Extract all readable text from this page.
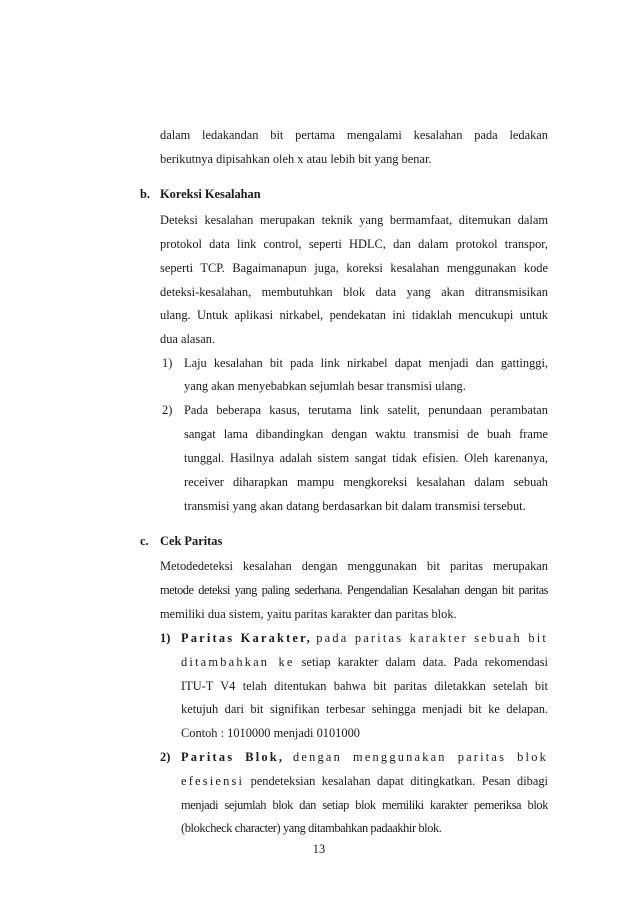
dalam ledakandan bit pertama mengalami kesalahan pada ledakan
berikutnya dipisahkan oleh x atau lebih bit yang benar.
b. Koreksi Kesalahan
Deteksi kesalahan merupakan teknik yang bermamfaat, ditemukan dalam
protokol data link control, seperti HDLC, dan dalam protokol transpor,
seperti TCP. Bagaimanapun juga, koreksi kesalahan menggunakan kode
deteksi-kesalahan, membutuhkan blok data yang akan ditransmisikan
ulang. Untuk aplikasi nirkabel, pendekatan ini tidaklah mencukupi untuk
dua alasan.
1) Laju kesalahan bit pada link nirkabel dapat menjadi dan gattinggi,
yang akan menyebabkan sejumlah besar transmisi ulang.
2) Pada beberapa kasus, terutama link satelit, penundaan perambatan
sangat lama dibandingkan dengan waktu transmisi de buah frame
tunggal. Hasilnya adalah sistem sangat tidak efisien. Oleh karenanya,
receiver diharapkan mampu mengkoreksi kesalahan dalam sebuah
transmisi yang akan datang berdasarkan bit dalam transmisi tersebut.
c. Cek Paritas
Metodedeteksi kesalahan dengan menggunakan bit paritas merupakan
metode deteksi yang paling sederhana. Pengendalian Kesalahan dengan bit paritas
memiliki dua sistem, yaitu paritas karakter dan paritas blok.
1) Paritas Karakter, pada paritas karakter sebuah bit
ditambahkan ke setiap karakter dalam data. Pada rekomendasi
ITU-T V4 telah ditentukan bahwa bit paritas diletakkan setelah bit
ketujuh dari bit signifikan terbesar sehingga menjadi bit ke delapan.
Contoh : 1010000 menjadi 0101000
2) Paritas Blok, dengan menggunakan paritas blok
efesiensi pendeteksian kesalahan dapat ditingkatkan. Pesan dibagi
menjadi sejumlah blok dan setiap blok memiliki karakter pemeriksa blok
(blokcheck character) yang ditambahkan padaakhir blok.
13
